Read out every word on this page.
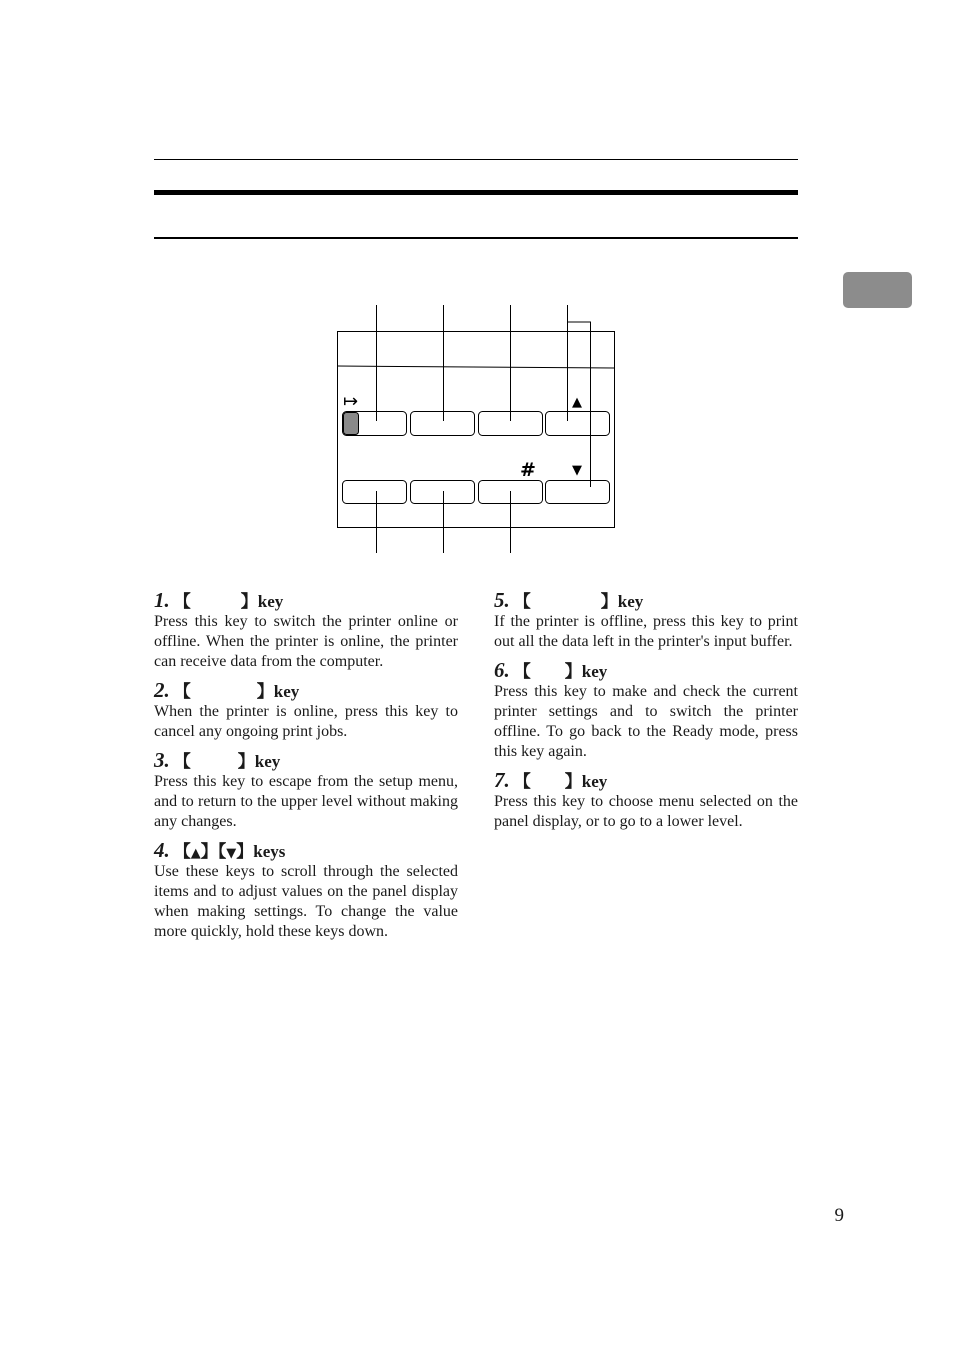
↦	▲
#	▼
1. 【	】key

Press this key to switch the printer online or offline. When the printer is online, the printer can receive data from the computer.

2. 【	】key

When the printer is online, press this key to cancel any ongoing print jobs.

3. 【	】key

Press this key to escape from the setup menu, and to return to the upper level without making any changes.

4. 【▲】【▼】keys

Use these keys to scroll through the selected items and to adjust values on the panel display when making settings. To change the value more quickly, hold these keys down.

5. 【	】key

If the printer is offline, press this key to print out all the data left in the printer's input buffer.

6. 【 】key

Press this key to make and check the current printer settings and to switch the printer offline. To go back to the Ready mode, press this key again.

7. 【 】key

Press this key to choose menu selected on the panel display, or to go to a lower level.

9
